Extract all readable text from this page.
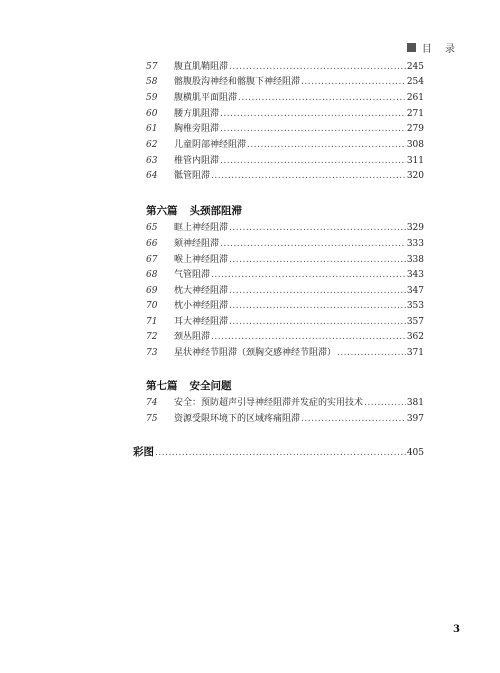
目 录
57	腹直肌鞘阻滞 .....	245
58	髂腹股沟神经和髂腹下神经阻滞 .....	254
59	腹横肌平面阻滞 .....	261
60	腰方肌阻滞 .....	271
61	胸椎旁阻滞 .....	279
62	儿童阴部神经阻滞 .....	308
63	椎管内阻滞 .....	311
64	骶管阻滞 .....	320
第六篇 头颈部阻滞
65	眶上神经阻滞 .....	329
66	颏神经阻滞 .....	333
67	喉上神经阻滞 .....	338
68	气管阻滞 .....	343
69	枕大神经阻滞 .....	347
70	枕小神经阻滞 .....	353
71	耳大神经阻滞 .....	357
72	颈丛阻滞 .....	362
73	星状神经节阻滞（颈胸交感神经节阻滞） .....	371
第七篇 安全问题
74	安全：预防超声引导神经阻滞并发症的实用技术 .....	381
75	资源受限环境下的区域疼痛阻滞 .....	397
彩图 .....	405
3
